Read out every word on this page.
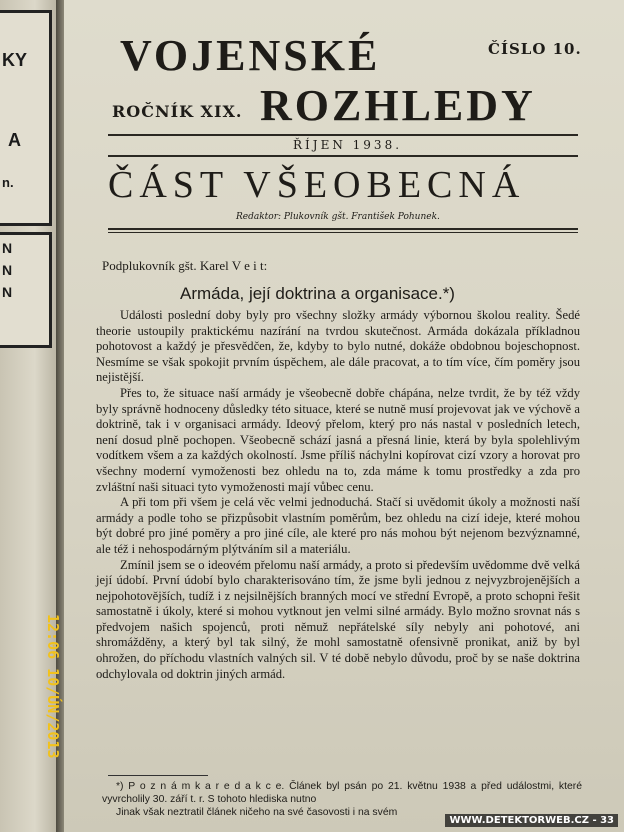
KY
A
n.
N
N
N
VOJENSKÉ	ČÍSLO 10.
ROČNÍK XIX. ROZHLEDY
ŘÍJEN 1938.
ČÁST VŠEOBECNÁ
Redaktor: Plukovník gšt. František Pohunek.
Podplukovník gšt. Karel V e i t:
Armáda, její doktrina a organisace.*)

Události poslední doby byly pro všechny složky armády výbornou školou reality. Šedé theorie ustoupily praktickému nazírání na tvrdou skutečnost. Armáda dokázala příkladnou pohotovost a každý je přesvědčen, že, kdyby to bylo nutné, dokáže obdobnou bojeschopnost. Nesmíme se však spokojit prvním úspěchem, ale dále pracovat, a to tím více, čím poměry jsou nejistější.

Přes to, že situace naší armády je všeobecně dobře chápána, nelze tvrdit, že by též vždy byly správně hodnoceny důsledky této situace, které se nutně musí projevovat jak ve výchově a doktrině, tak i v organisaci armády. Ideový přelom, který pro nás nastal v posledních letech, není dosud plně pochopen. Všeobecně schází jasná a přesná linie, která by byla spolehlivým vodítkem všem a za každých okolností. Jsme příliš náchylni kopírovat cizí vzory a horovat pro všechny moderní vymoženosti bez ohledu na to, zda máme k tomu prostředky a zda pro zvláštní naši situaci tyto vymoženosti mají vůbec cenu.

A při tom při všem je celá věc velmi jednoduchá. Stačí si uvědomit úkoly a možnosti naší armády a podle toho se přizpůsobit vlastním poměrům, bez ohledu na cizí ideje, které mohou být dobré pro jiné poměry a pro jiné cíle, ale které pro nás mohou být nejenom bezvýznamné, ale též i nehospodárným plýtváním sil a materiálu.

Zmínil jsem se o ideovém přelomu naší armády, a proto si především uvědomme dvě velká její údobí. První údobí bylo charakterisováno tím, že jsme byli jednou z nejvyzbrojenějších a nejpohotovějších, tudíž i z nejsilnějších branných mocí ve střední Evropě, a proto schopni řešit samostatně i úkoly, které si mohou vytknout jen velmi silné armády. Bylo možno srovnat nás s předvojem našich spojenců, proti němuž nepřátelské síly nebyly ani pohotové, ani shromážděny, a který byl tak silný, že mohl samostatně ofensivně pronikat, aniž by byl ohrožen, do příchodu vlastních valných sil. V té době nebylo důvodu, proč by se naše doktrina odchylovala od doktrin jiných armád.

*) P o z n á m k a r e d a k c e. Článek byl psán po 21. květnu 1938 a před událostmi, které vyvrcholily 30. září t. r. S tohoto hlediska nutno

Jinak však neztratil článek ničeho na své časovosti i na svém

12:06 10/ÚN/2013
WWW.DETEKTORWEB.CZ - 33
